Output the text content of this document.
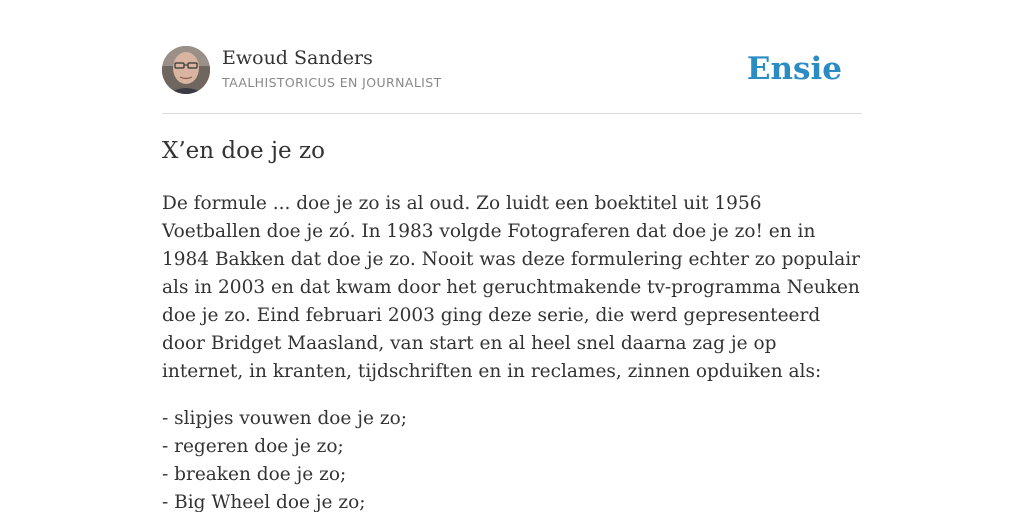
Ewoud Sanders
TAALHISTORICUS EN JOURNALIST	Ensie
X’en doe je zo

De formule ... doe je zo is al oud. Zo luidt een boektitel uit 1956 Voetballen doe je zó. In 1983 volgde Fotograferen dat doe je zo! en in 1984 Bakken dat doe je zo. Nooit was deze formulering echter zo populair als in 2003 en dat kwam door het geruchtmakende tv-programma Neuken doe je zo. Eind februari 2003 ging deze serie, die werd gepresenteerd door Bridget Maasland, van start en al heel snel daarna zag je op internet, in kranten, tijdschriften en in reclames, zinnen opduiken als:

- slipjes vouwen doe je zo;
- regeren doe je zo;
- breaken doe je zo;
- Big Wheel doe je zo;
